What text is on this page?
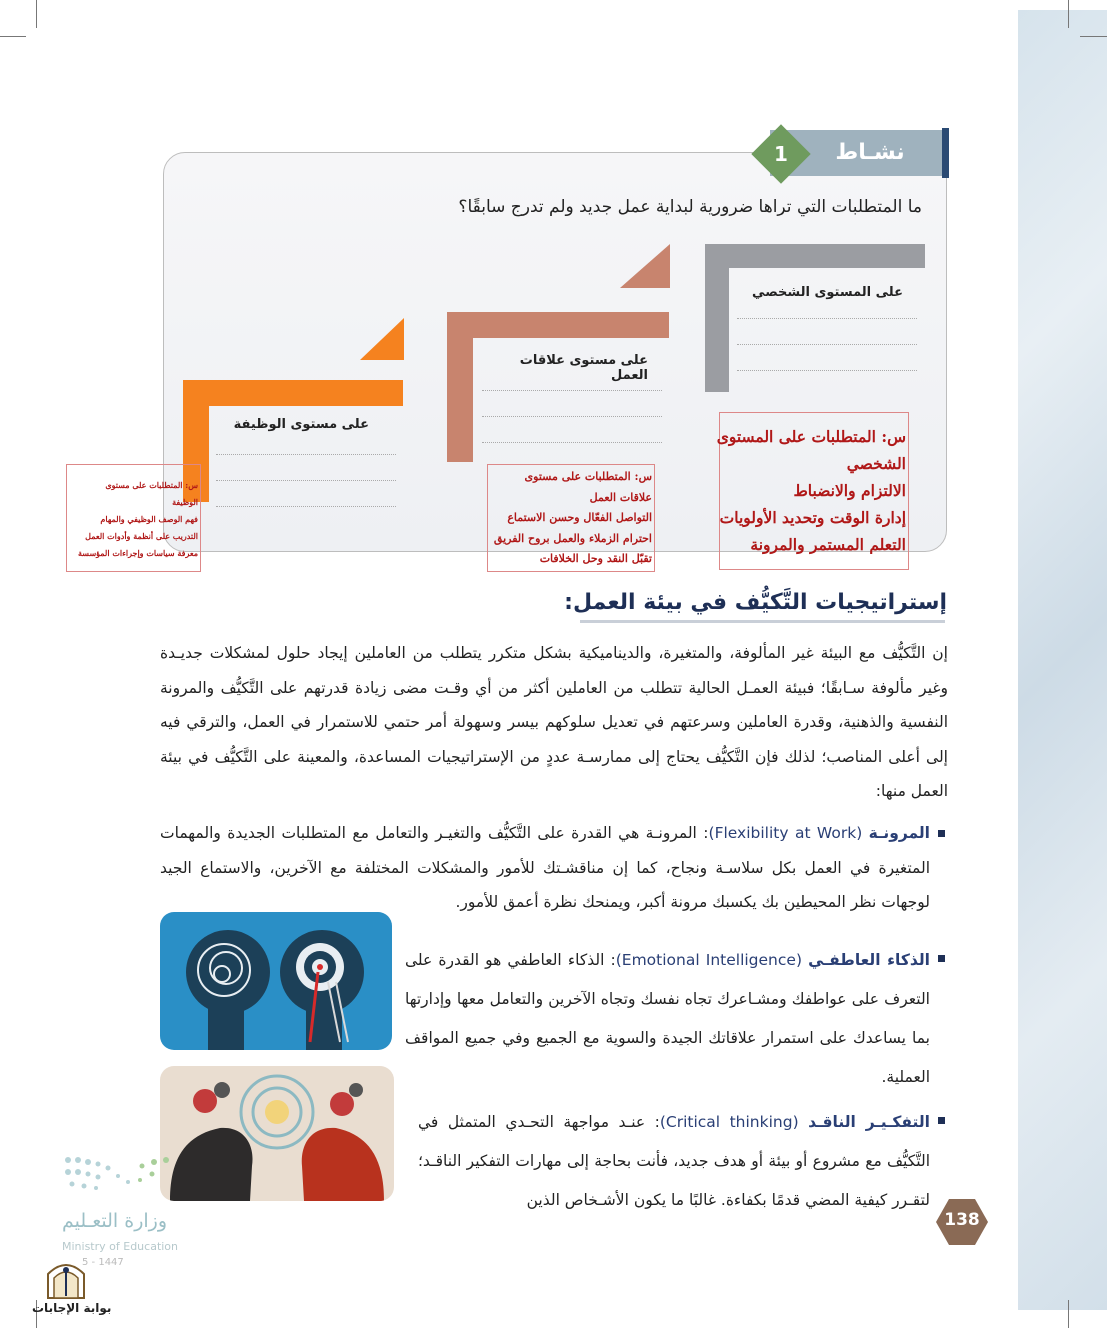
نشـاط
1
ما المتطلبات التي تراها ضرورية لبداية عمل جديد ولم تدرج سابقًا؟
على المستوى الشخصي
على مستوى علاقات العمل
على مستوى الوظيفة
س: المتطلبات على المستوى
الشخصي
الالتزام والانضباط
إدارة الوقت وتحديد الأولويات
التعلم المستمر والمرونة
س: المتطلبات على مستوى
علاقات العمل
التواصل الفعّال وحسن الاستماع
احترام الزملاء والعمل بروح الفريق
تقبّل النقد وحل الخلافات
س: المتطلبات على مستوى
الوظيفة
فهم الوصف الوظيفي والمهام
التدريب على أنظمة وأدوات العمل
معرفة سياسات وإجراءات المؤسسة
إستراتيجيات التَّكيُّف في بيئة العمل:
إن التَّكيُّف مع البيئة غير المألوفة، والمتغيرة، والديناميكية بشكل متكرر يتطلب من العاملين إيجاد حلول لمشكلات جديـدة وغير مألوفة سـابقًا؛ فبيئة العمـل الحالية تتطلب من العاملين أكثر من أي وقـت مضى زيادة قدرتهم على التَّكيُّف والمرونة النفسية والذهنية، وقدرة العاملين وسرعتهم في تعديل سلوكهم بيسر وسهولة أمر حتمي للاستمرار في العمل، والترقي فيه إلى أعلى المناصب؛ لذلك فإن التَّكيُّف يحتاج إلى ممارسـة عددٍ من الإستراتيجيات المساعدة، والمعينة على التَّكيُّف في بيئة العمل منها:
المرونـة (Flexibility at Work): المرونـة هي القدرة على التَّكيُّف والتغيـر والتعامل مع المتطلبات الجديدة والمهمات المتغيرة في العمل بكل سلاسـة ونجاح، كما إن مناقشـتك للأمور والمشكلات المختلفة مع الآخرين، والاستماع الجيد لوجهات نظر المحيطين بك يكسبك مرونة أكبر، ويمنحك نظرة أعمق للأمور.
الذكاء العاطفـي (Emotional Intelligence): الذكاء العاطفي هو القدرة على التعرف على عواطفك ومشـاعرك تجاه نفسك وتجاه الآخرين والتعامل معها وإدارتها بما يساعدك على استمرار علاقاتك الجيدة والسوية مع الجميع وفي جميع المواقف العملية.
التفكـيـر الناقـد (Critical thinking): عنـد مواجهة التحـدي المتمثل في التَّكيُّف مع مشروع أو بيئة أو هدف جديد، فأنت بحاجة إلى مهارات التفكير الناقـد؛ لتقـرر كيفية المضي قدمًا بكفاءة. غالبًا ما يكون الأشـخاص الذين
138
وزارة التعـليم
Ministry of Education
5 - 1447
بوابة الإجابات
